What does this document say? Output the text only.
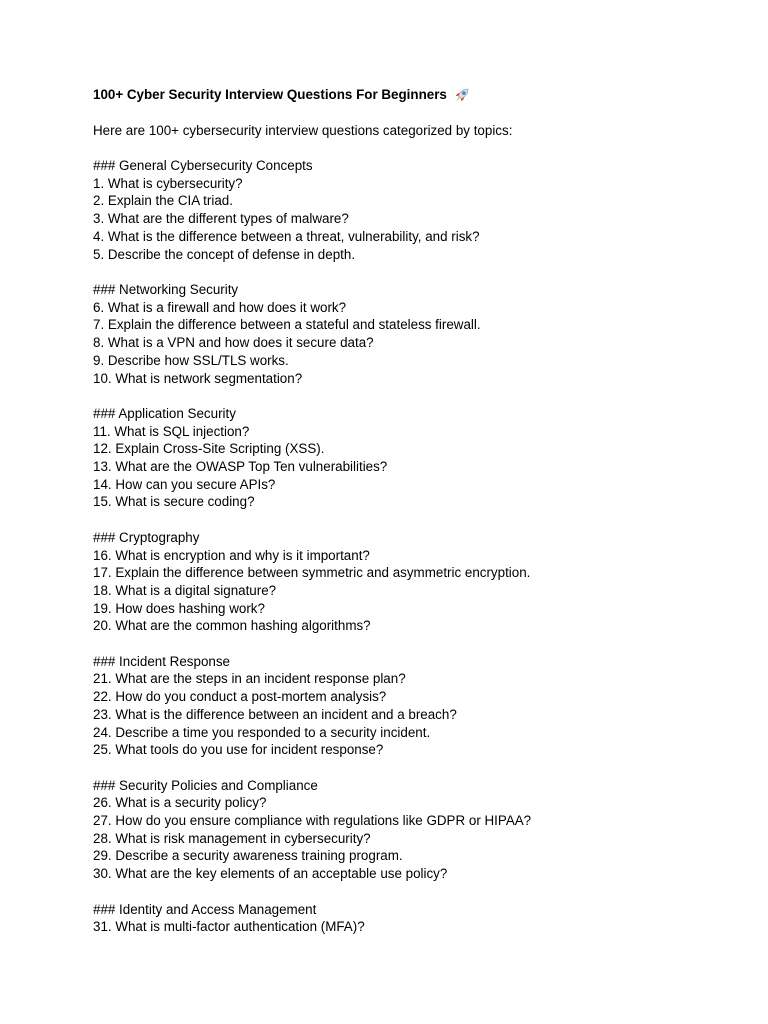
100+ Cyber Security Interview Questions For Beginners

Here are 100+ cybersecurity interview questions categorized by topics:

### General Cybersecurity Concepts

1. What is cybersecurity?

2. Explain the CIA triad.

3. What are the different types of malware?

4. What is the difference between a threat, vulnerability, and risk?

5. Describe the concept of defense in depth.

### Networking Security

6. What is a firewall and how does it work?

7. Explain the difference between a stateful and stateless firewall.

8. What is a VPN and how does it secure data?

9. Describe how SSL/TLS works.

10. What is network segmentation?

### Application Security

11. What is SQL injection?

12. Explain Cross-Site Scripting (XSS).

13. What are the OWASP Top Ten vulnerabilities?

14. How can you secure APIs?

15. What is secure coding?

### Cryptography

16. What is encryption and why is it important?

17. Explain the difference between symmetric and asymmetric encryption.

18. What is a digital signature?

19. How does hashing work?

20. What are the common hashing algorithms?

### Incident Response

21. What are the steps in an incident response plan?

22. How do you conduct a post-mortem analysis?

23. What is the difference between an incident and a breach?

24. Describe a time you responded to a security incident.

25. What tools do you use for incident response?

### Security Policies and Compliance

26. What is a security policy?

27. How do you ensure compliance with regulations like GDPR or HIPAA?

28. What is risk management in cybersecurity?

29. Describe a security awareness training program.

30. What are the key elements of an acceptable use policy?

### Identity and Access Management

31. What is multi-factor authentication (MFA)?
